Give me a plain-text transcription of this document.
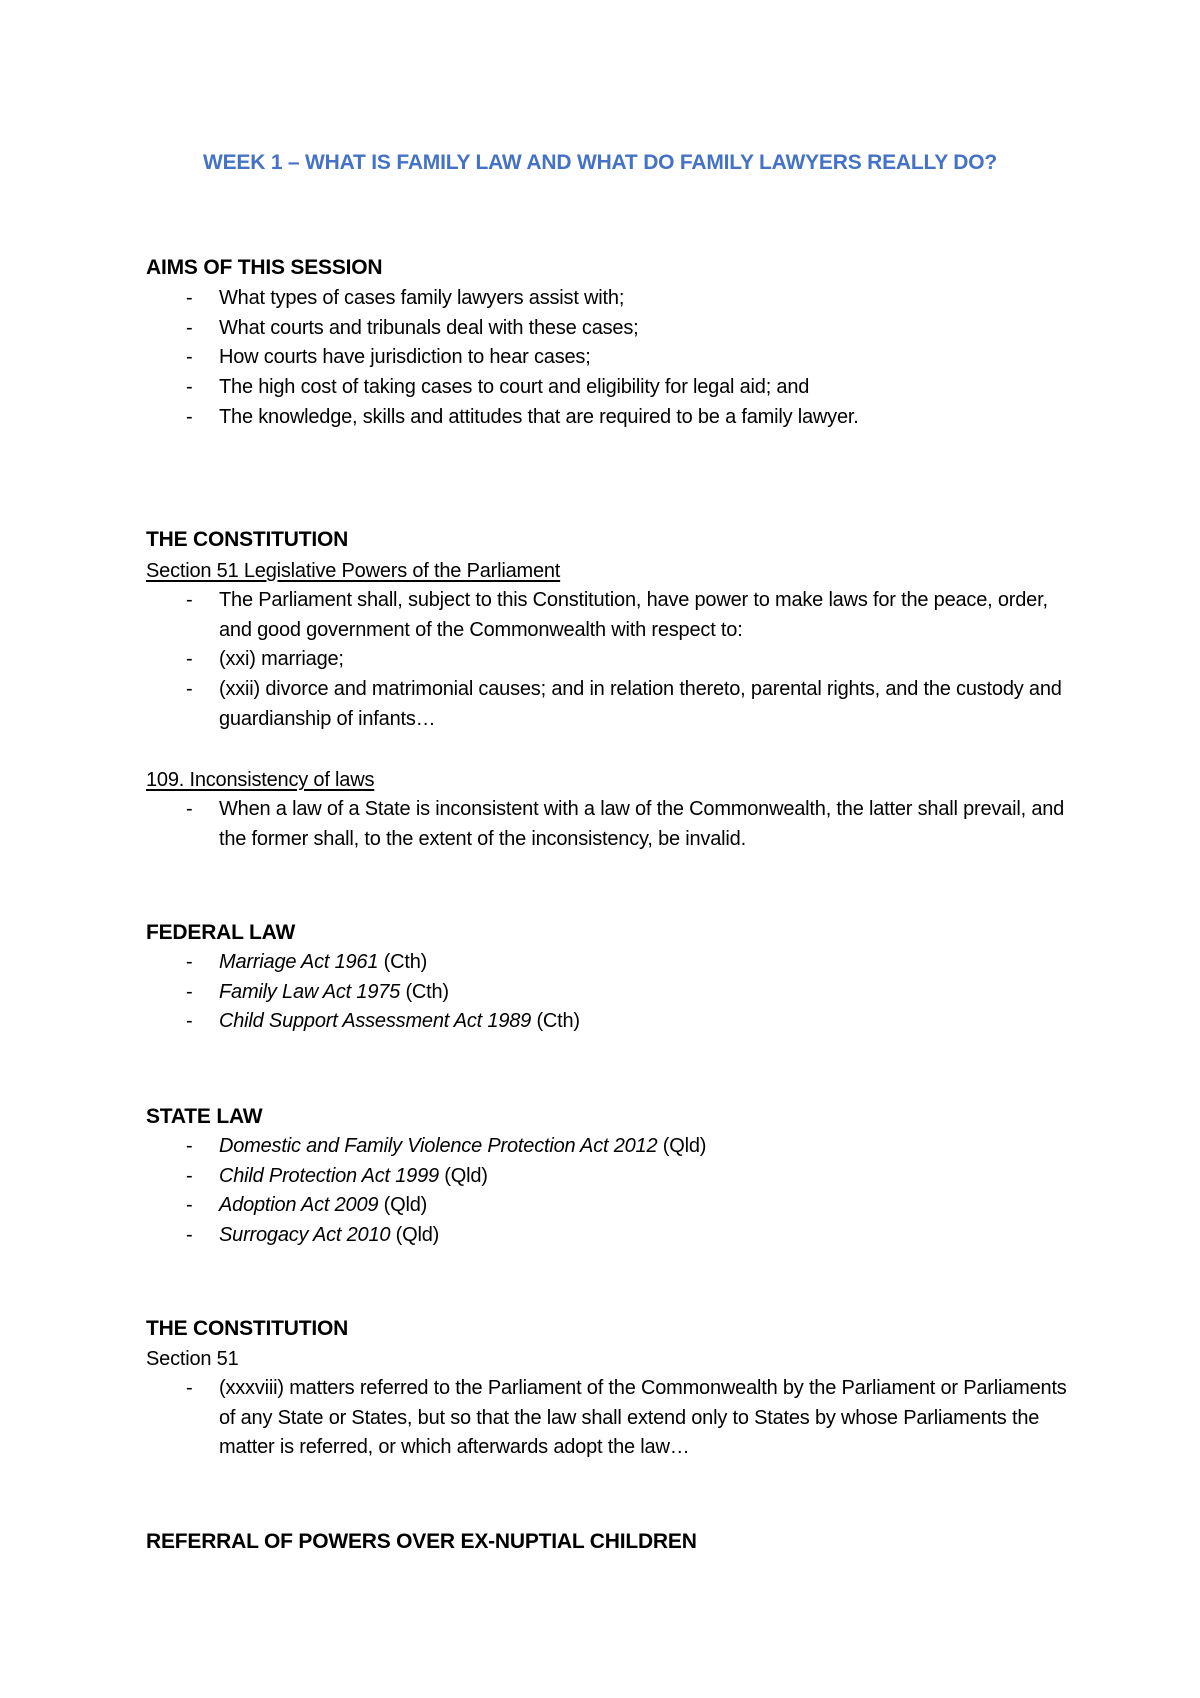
WEEK 1 – WHAT IS FAMILY LAW AND WHAT DO FAMILY LAWYERS REALLY DO?
AIMS OF THIS SESSION
- What types of cases family lawyers assist with;
- What courts and tribunals deal with these cases;
- How courts have jurisdiction to hear cases;
- The high cost of taking cases to court and eligibility for legal aid; and
- The knowledge, skills and attitudes that are required to be a family lawyer.
THE CONSTITUTION

Section 51 Legislative Powers of the Parliament

- The Parliament shall, subject to this Constitution, have power to make laws for the peace, order, and good government of the Commonwealth with respect to:
- (xxi) marriage;
- (xxii) divorce and matrimonial causes; and in relation thereto, parental rights, and the custody and guardianship of infants…

109. Inconsistency of laws

- When a law of a State is inconsistent with a law of the Commonwealth, the latter shall prevail, and the former shall, to the extent of the inconsistency, be invalid.
FEDERAL LAW
- Marriage Act 1961 (Cth)
- Family Law Act 1975 (Cth)
- Child Support Assessment Act 1989 (Cth)
STATE LAW
- Domestic and Family Violence Protection Act 2012 (Qld)
- Child Protection Act 1999 (Qld)
- Adoption Act 2009 (Qld)
- Surrogacy Act 2010 (Qld)
THE CONSTITUTION

Section 51

- (xxxviii) matters referred to the Parliament of the Commonwealth by the Parliament or Parliaments of any State or States, but so that the law shall extend only to States by whose Parliaments the matter is referred, or which afterwards adopt the law…
REFERRAL OF POWERS OVER EX-NUPTIAL CHILDREN
